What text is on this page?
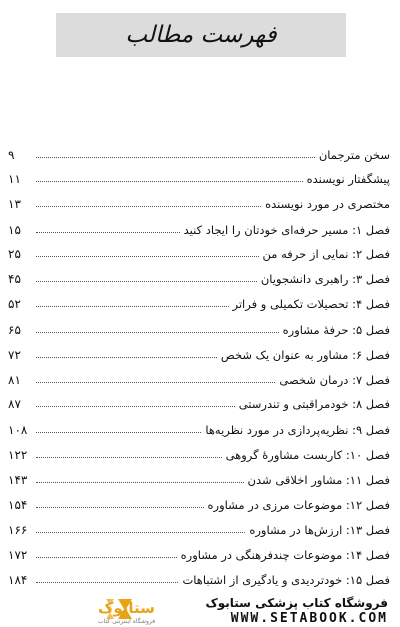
فهرست مطالب
سخن مترجمان
۹
پیشگفتار نویسنده
۱۱
مختصری در مورد نویسنده
۱۳
فصل ۱: مسیر حرفه‌ای خودتان را ایجاد کنید
۱۵
فصل ۲: نمایی از حرفه من
۲۵
فصل ۳: راهبری دانشجویان
۴۵
فصل ۴: تحصیلات تکمیلی و فراتر
۵۲
فصل ۵: حرفهٔ مشاوره
۶۵
فصل ۶: مشاور به عنوان یک شخص
۷۲
فصل ۷: درمان شخصی
۸۱
فصل ۸: خودمراقبتی و تندرستی
۸۷
فصل ۹: نظریه‌پردازی در مورد نظریه‌ها
۱۰۸
فصل ۱۰: کاربست مشاورهٔ گروهی
۱۲۲
فصل ۱۱: مشاور اخلاقی شدن
۱۴۳
فصل ۱۲: موضوعات مرزی در مشاوره
۱۵۴
فصل ۱۳: ارزش‌ها در مشاوره
۱۶۶
فصل ۱۴: موضوعات چندفرهنگی در مشاوره
۱۷۲
فصل ۱۵: خودتردیدی و یادگیری از اشتباهات
۱۸۴
ستابوک
فروشگاه اینترنتی کتاب
فروشگاه کتاب پزشکی ستابوک
WWW.SETABOOK.COM
